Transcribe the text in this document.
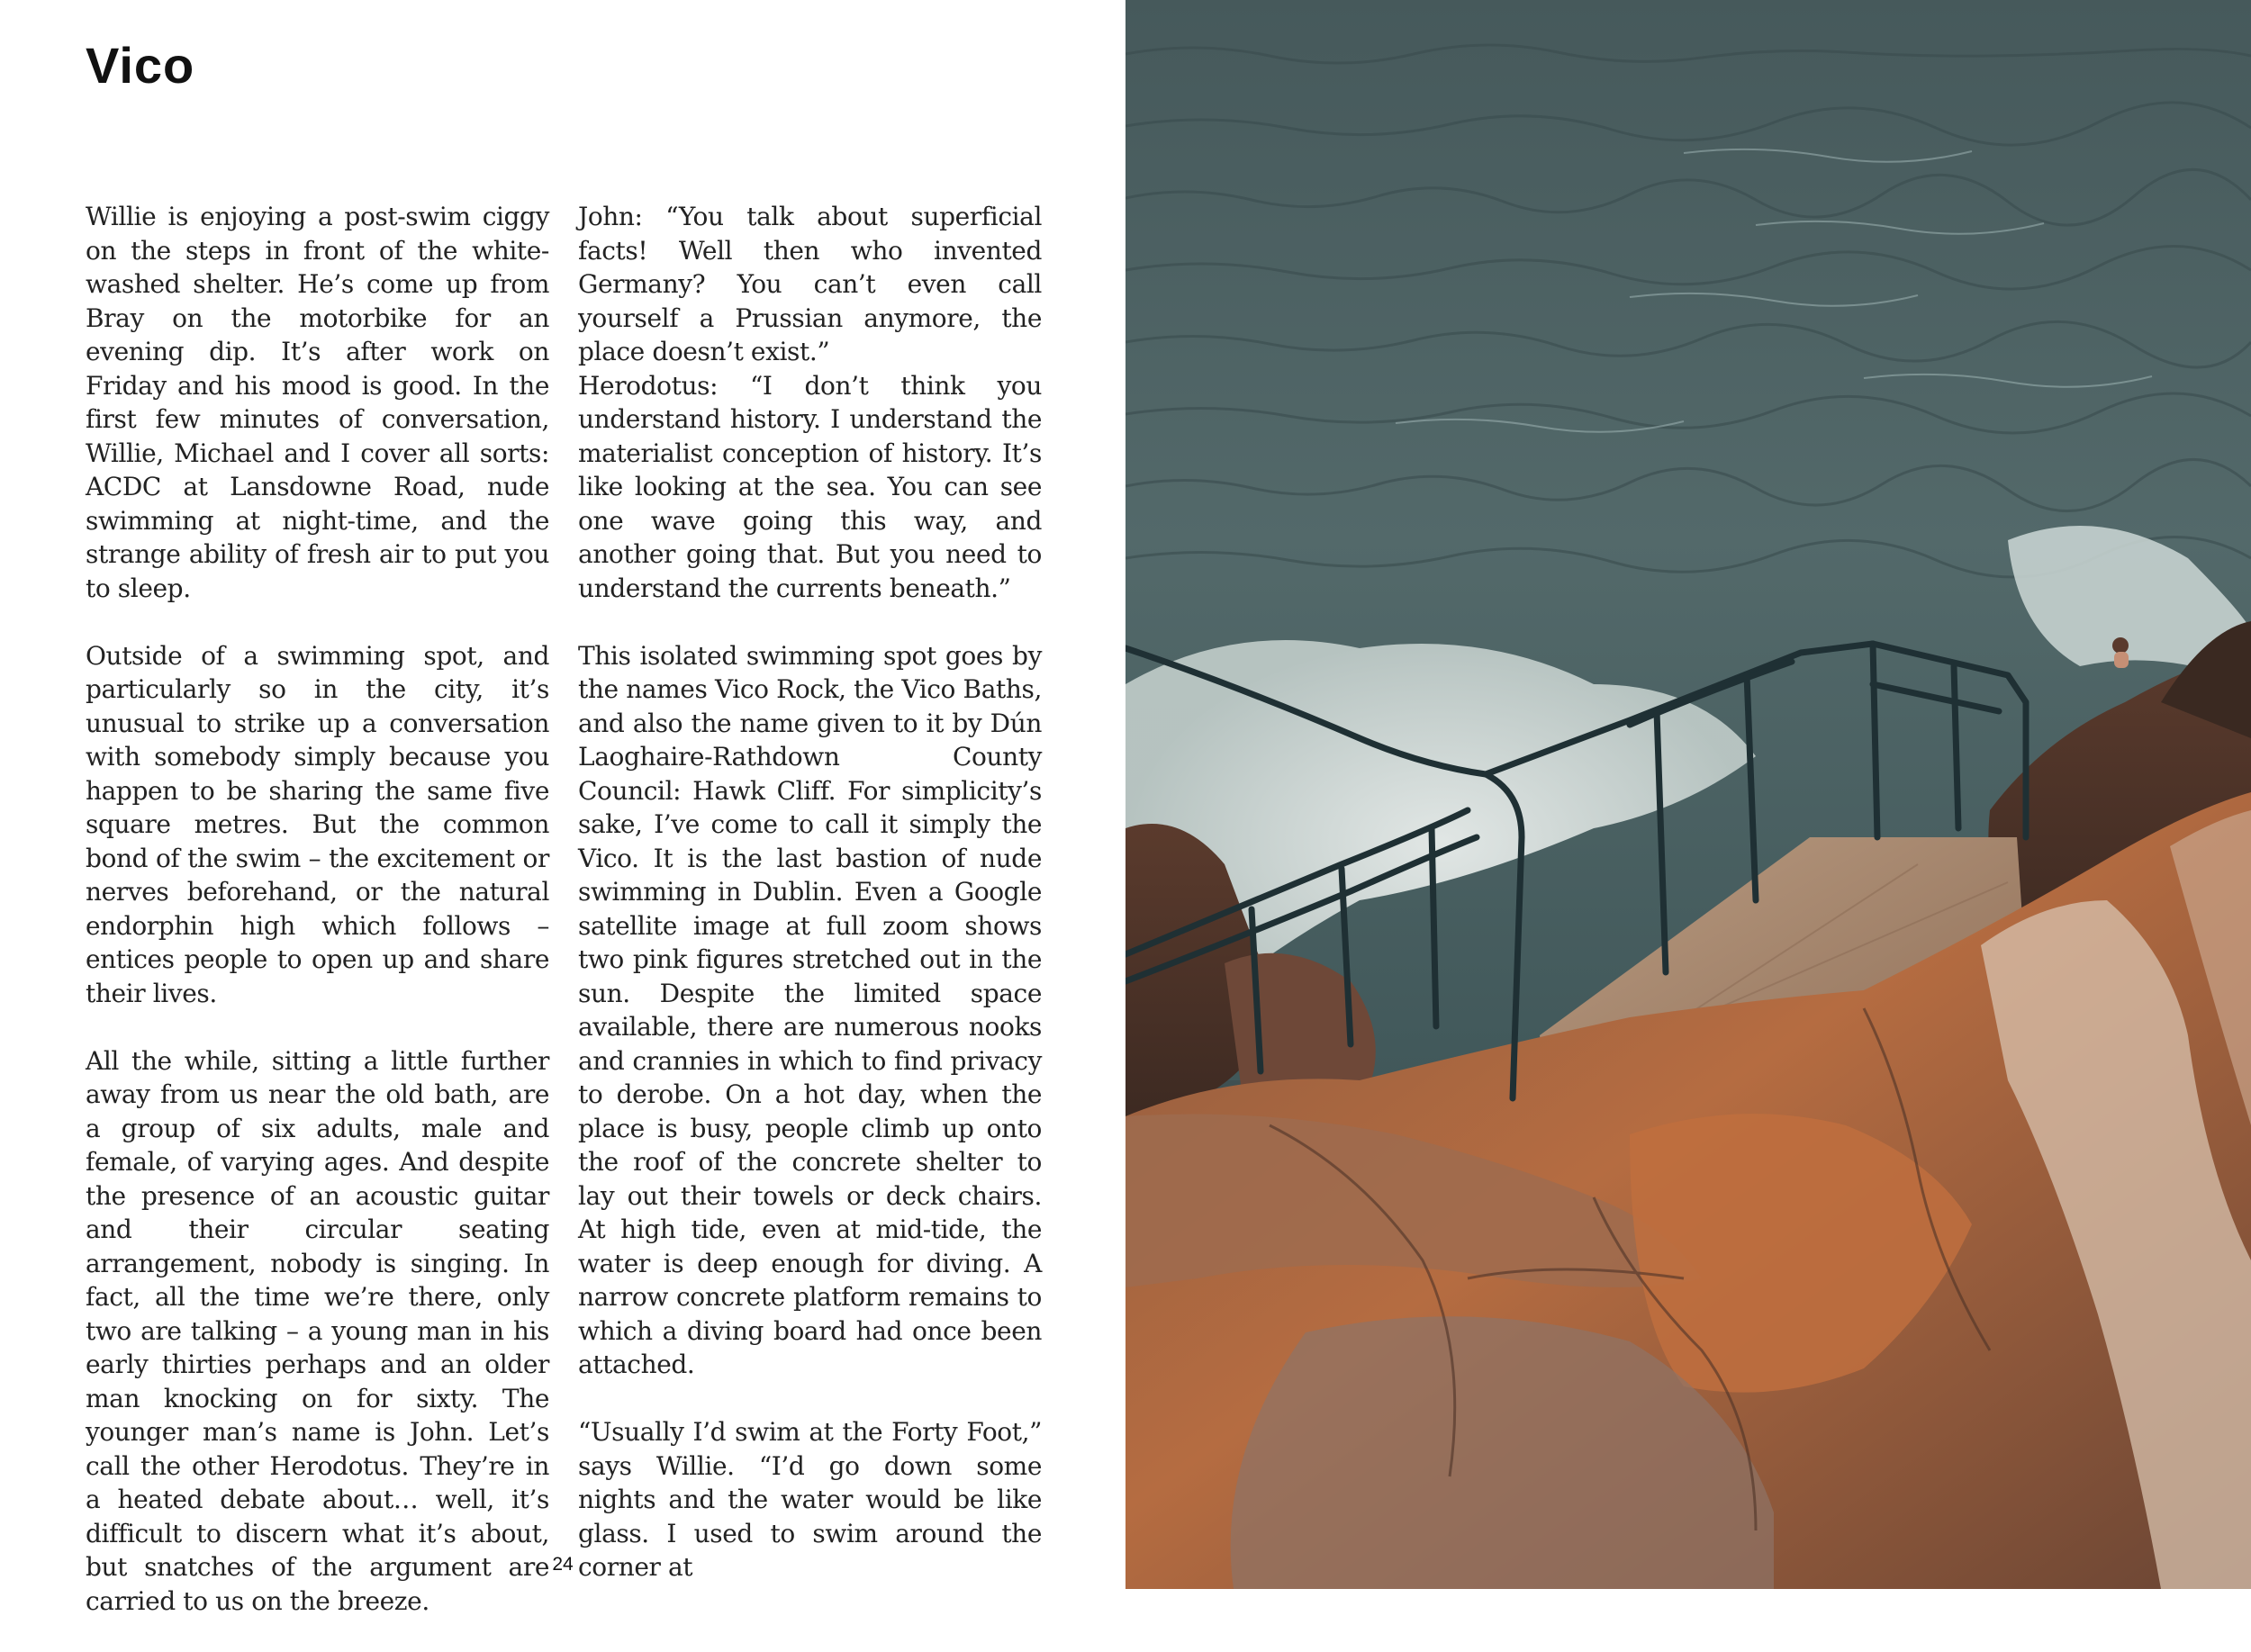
Vico

Willie is enjoying a post-swim ciggy on the steps in front of the white-washed shelter. He’s come up from Bray on the motorbike for an evening dip. It’s after work on Friday and his mood is good. In the first few minutes of conversation, Willie, Michael and I cover all sorts: ACDC at Lansdowne Road, nude swimming at night-time, and the strange ability of fresh air to put you to sleep.

Outside of a swimming spot, and particularly so in the city, it’s unusual to strike up a conversation with somebody simply because you happen to be sharing the same five square metres. But the common bond of the swim – the excitement or nerves beforehand, or the natural endorphin high which follows – entices people to open up and share their lives.

All the while, sitting a little further away from us near the old bath, are a group of six adults, male and female, of varying ages. And despite the presence of an acoustic guitar and their circular seating arrangement, nobody is singing. In fact, all the time we’re there, only two are talking – a young man in his early thirties perhaps and an older man knocking on for sixty. The younger man’s name is John. Let’s call the other Herodotus. They’re in a heated debate about… well, it’s difficult to discern what it’s about, but snatches of the argument are carried to us on the breeze.

John: “You talk about superficial facts! Well then who invented Germany? You can’t even call yourself a Prussian anymore, the place doesn’t exist.”

Herodotus: “I don’t think you understand history. I understand the materialist conception of history. It’s like looking at the sea. You can see one wave going this way, and another going that. But you need to understand the currents beneath.”

This isolated swimming spot goes by the names Vico Rock, the Vico Baths, and also the name given to it by Dún Laoghaire-Rathdown County Council: Hawk Cliff. For simplicity’s sake, I’ve come to call it simply the Vico. It is the last bastion of nude swimming in Dublin. Even a Google satellite image at full zoom shows two pink figures stretched out in the sun. Despite the limited space available, there are numerous nooks and crannies in which to find privacy to derobe. On a hot day, when the place is busy, people climb up onto the roof of the concrete shelter to lay out their towels or deck chairs. At high tide, even at mid-tide, the water is deep enough for diving. A narrow concrete platform remains to which a diving board had once been attached.

“Usually I’d swim at the Forty Foot,” says Willie. “I’d go down some nights and the water would be like glass. I used to swim around the corner at

24
